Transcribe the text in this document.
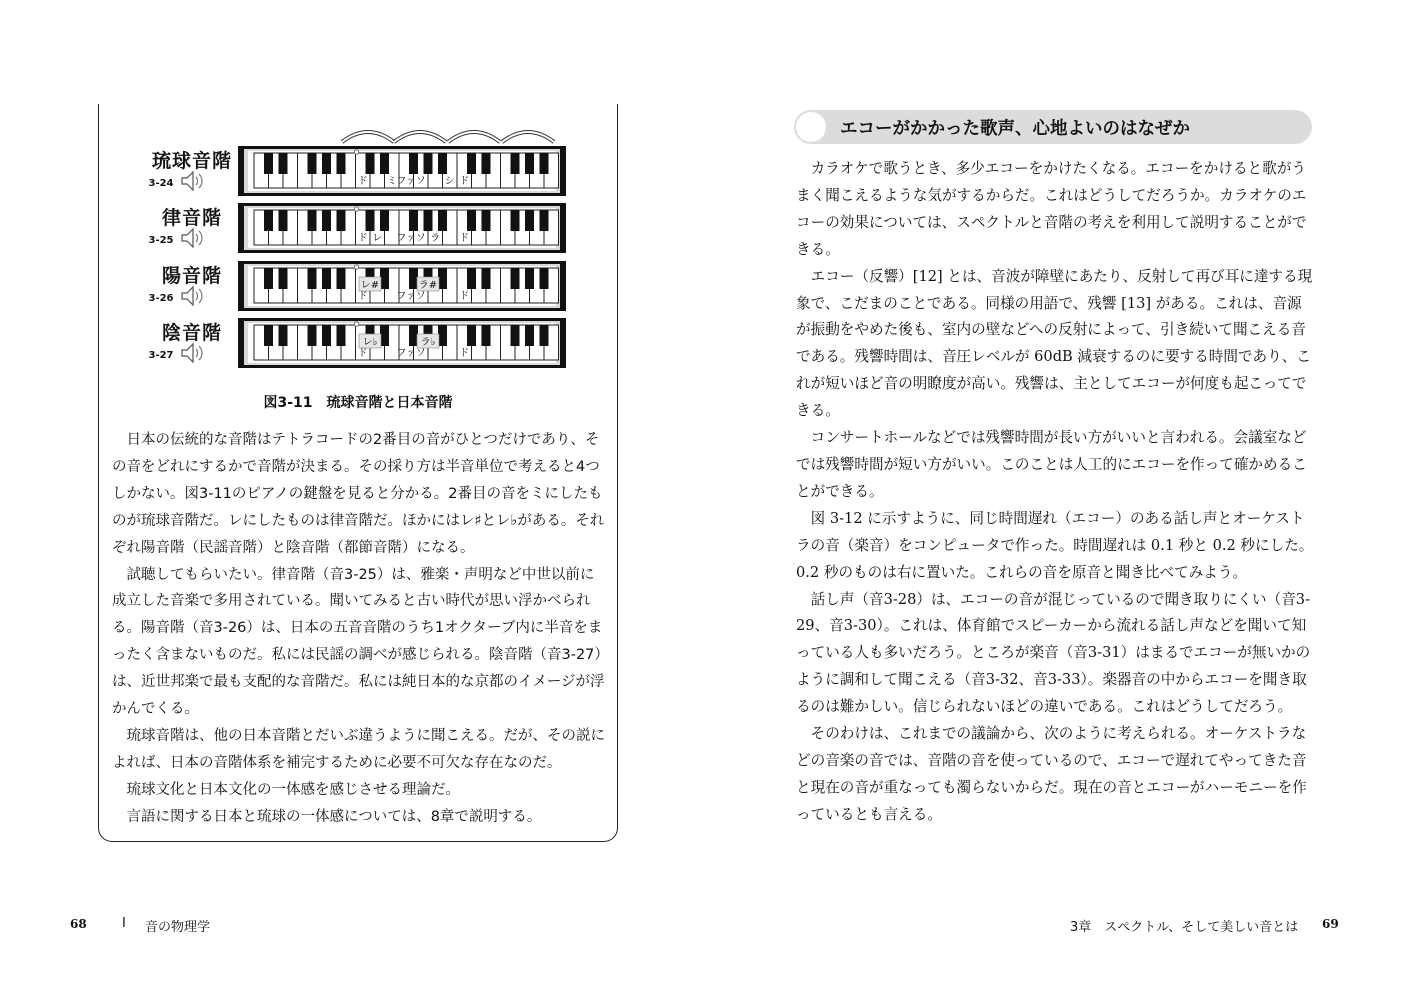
琉球音階
3-24	ド ミ ファ ソ シ ド
律音階
3-25	ド レ ファ ソ ラ ド
陽音階
3-26
レ#	ラ#
ド	ファ ソ	ド
陰音階
3-27
レ♭	ラ♭
ド	ファ ソ	ド
図3-11　琉球音階と日本音階

日本の伝統的な音階はテトラコードの2番目の音がひとつだけであり、その音をどれにするかで音階が決まる。その採り方は半音単位で考えると4つしかない。図3-11のピアノの鍵盤を見ると分かる。2番目の音をミにしたものが琉球音階だ。レにしたものは律音階だ。ほかにはレ♯とレ♭がある。それぞれ陽音階（民謡音階）と陰音階（都節音階）になる。

試聴してもらいたい。律音階（音3-25）は、雅楽・声明など中世以前に成立した音楽で多用されている。聞いてみると古い時代が思い浮かべられる。陽音階（音3-26）は、日本の五音音階のうち1オクターブ内に半音をまったく含まないものだ。私には民謡の調べが感じられる。陰音階（音3-27）は、近世邦楽で最も支配的な音階だ。私には純日本的な京都のイメージが浮かんでくる。

琉球音階は、他の日本音階とだいぶ違うように聞こえる。だが、その説によれば、日本の音階体系を補完するために必要不可欠な存在なのだ。

琉球文化と日本文化の一体感を感じさせる理論だ。

言語に関する日本と琉球の一体感については、8章で説明する。

エコーがかかった歌声、心地よいのはなぜか

カラオケで歌うとき、多少エコーをかけたくなる。エコーをかけると歌がうまく聞こえるような気がするからだ。これはどうしてだろうか。カラオケのエコーの効果については、スペクトルと音階の考えを利用して説明することができる。

エコー（反響）[12] とは、音波が障壁にあたり、反射して再び耳に達する現象で、こだまのことである。同様の用語で、残響 [13] がある。これは、音源が振動をやめた後も、室内の壁などへの反射によって、引き続いて聞こえる音である。残響時間は、音圧レベルが 60dB 減衰するのに要する時間であり、これが短いほど音の明瞭度が高い。残響は、主としてエコーが何度も起こってできる。

コンサートホールなどでは残響時間が長い方がいいと言われる。会議室などでは残響時間が短い方がいい。このことは人工的にエコーを作って確かめることができる。

図 3-12 に示すように、同じ時間遅れ（エコー）のある話し声とオーケストラの音（楽音）をコンピュータで作った。時間遅れは 0.1 秒と 0.2 秒にした。0.2 秒のものは右に置いた。これらの音を原音と聞き比べてみよう。

話し声（音3-28）は、エコーの音が混じっているので聞き取りにくい（音3-29、音3-30）。これは、体育館でスピーカーから流れる話し声などを聞いて知っている人も多いだろう。ところが楽音（音3-31）はまるでエコーが無いかのように調和して聞こえる（音3-32、音3-33）。楽器音の中からエコーを聞き取るのは難かしい。信じられないほどの違いである。これはどうしてだろう。

そのわけは、これまでの議論から、次のように考えられる。オーケストラなどの音楽の音では、音階の音を使っているので、エコーで遅れてやってきた音と現在の音が重なっても濁らないからだ。現在の音とエコーがハーモニーを作っているとも言える。

68	Ⅰ 音の物理学	3章　スペクトル、そして美しい音とは 69
